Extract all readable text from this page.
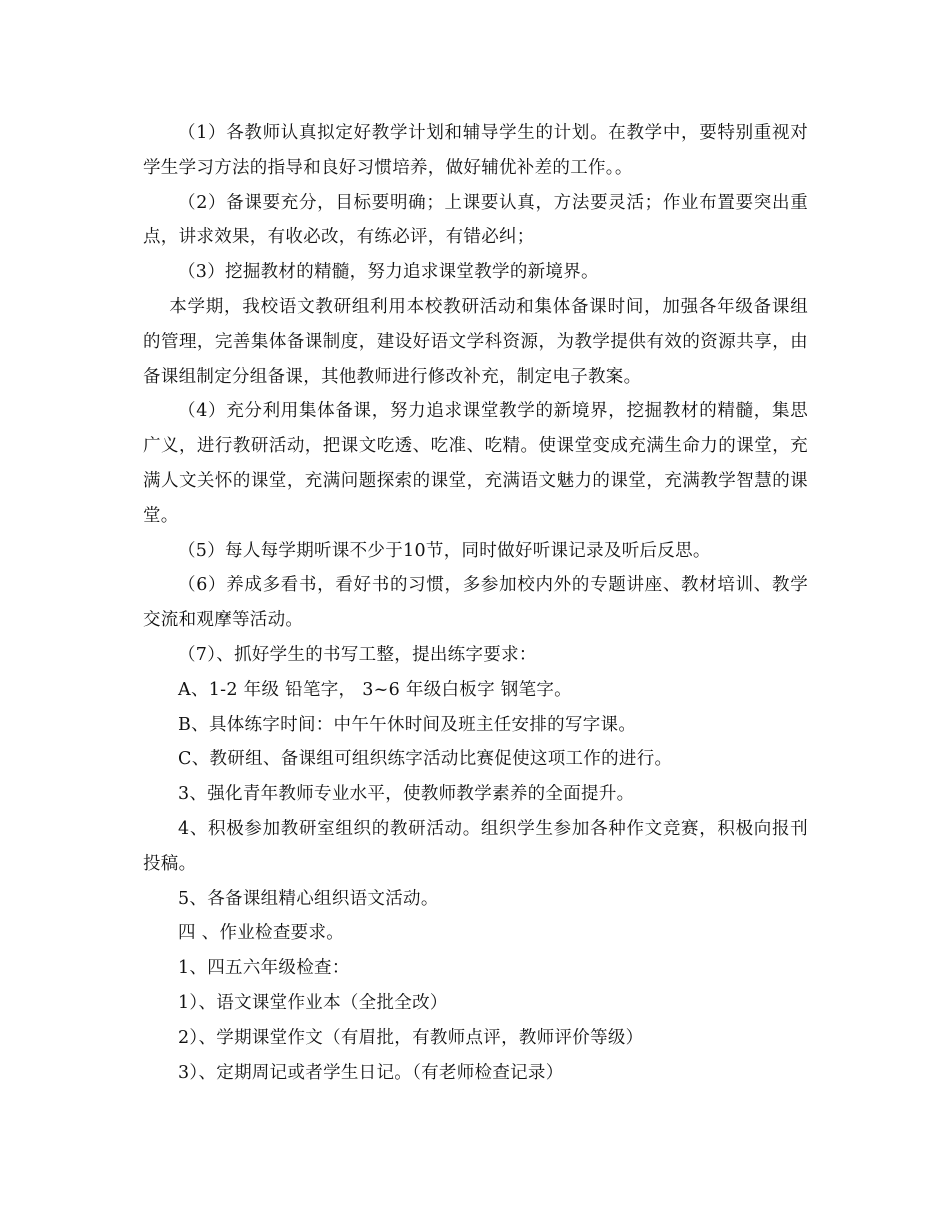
（1）各教师认真拟定好教学计划和辅导学生的计划。在教学中，要特别重视对学生学习方法的指导和良好习惯培养，做好辅优补差的工作。。

（2）备课要充分，目标要明确；上课要认真，方法要灵活；作业布置要突出重点，讲求效果，有收必改，有练必评，有错必纠；

（3）挖掘教材的精髓，努力追求课堂教学的新境界。

本学期，我校语文教研组利用本校教研活动和集体备课时间，加强各年级备课组的管理，完善集体备课制度，建设好语文学科资源，为教学提供有效的资源共享，由备课组制定分组备课，其他教师进行修改补充，制定电子教案。

（4）充分利用集体备课，努力追求课堂教学的新境界，挖掘教材的精髓，集思广义，进行教研活动，把课文吃透、吃准、吃精。使课堂变成充满生命力的课堂，充满人文关怀的课堂，充满问题探索的课堂，充满语文魅力的课堂，充满教学智慧的课堂。

（5）每人每学期听课不少于10节，同时做好听课记录及听后反思。

（6）养成多看书，看好书的习惯，多参加校内外的专题讲座、教材培训、教学交流和观摩等活动。

（7）、抓好学生的书写工整，提出练字要求：

A、1-2 年级 铅笔字， 3~6 年级白板字 钢笔字。

B、具体练字时间：中午午休时间及班主任安排的写字课。

C、教研组、备课组可组织练字活动比赛促使这项工作的进行。

3、强化青年教师专业水平，使教师教学素养的全面提升。

4、积极参加教研室组织的教研活动。组织学生参加各种作文竞赛，积极向报刊投稿。

5、各备课组精心组织语文活动。

四 、作业检查要求。

1、四五六年级检查：

1）、语文课堂作业本（全批全改）

2）、学期课堂作文（有眉批，有教师点评，教师评价等级）

3）、定期周记或者学生日记。（有老师检查记录）
